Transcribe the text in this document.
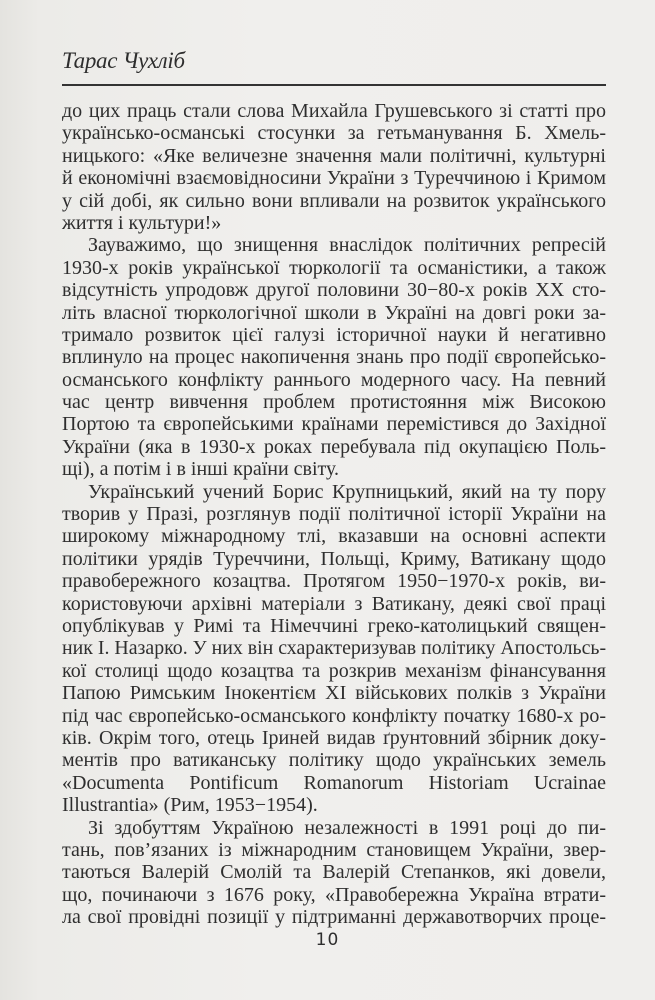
Тарас Чухліб
до цих праць стали слова Михайла Грушевського зі статті про
українсько-османські стосунки за гетьманування Б. Хмель-
ницького: «Яке величезне значення мали політичні, культурні
й економічні взаємовідносини України з Туреччиною і Кримом
у сій добі, як сильно вони впливали на розвиток українського
життя і культури!»
Зауважимо, що знищення внаслідок політичних репресій
1930-х років української тюркології та османістики, а також
відсутність упродовж другої половини 30−80-х років XX сто-
літь власної тюркологічної школи в Україні на довгі роки за-
тримало розвиток цієї галузі історичної науки й негативно
вплинуло на процес накопичення знань про події європейсько-
османського конфлікту раннього модерного часу. На певний
час центр вивчення проблем протистояння між Високою
Портою та європейськими країнами перемістився до Західної
України (яка в 1930-х роках перебувала під окупацією Поль-
щі), а потім і в інші країни світу.
Український учений Борис Крупницький, який на ту пору
творив у Празі, розглянув події політичної історії України на
широкому міжнародному тлі, вказавши на основні аспекти
політики урядів Туреччини, Польщі, Криму, Ватикану щодо
правобережного козацтва. Протягом 1950−1970-х років, ви-
користовуючи архівні матеріали з Ватикану, деякі свої праці
опублікував у Римі та Німеччині греко-католицький священ-
ник І. Назарко. У них він схарактеризував політику Апостольсь-
кої столиці щодо козацтва та розкрив механізм фінансування
Папою Римським Інокентієм XI військових полків з України
під час європейсько-османського конфлікту початку 1680-х ро-
ків. Окрім того, отець Іриней видав ґрунтовний збірник доку-
ментів про ватиканську політику щодо українських земель
«Documenta Pontificum Romanorum Historiam Ucrainae
Illustrantia» (Рим, 1953−1954).
Зі здобуттям Україною незалежності в 1991 році до пи-
тань, пов’язаних із міжнародним становищем України, звер-
таються Валерій Смолій та Валерій Степанков, які довели,
що, починаючи з 1676 року, «Правобережна Україна втрати-
ла свої провідні позиції у підтриманні державотворчих проце-
10
